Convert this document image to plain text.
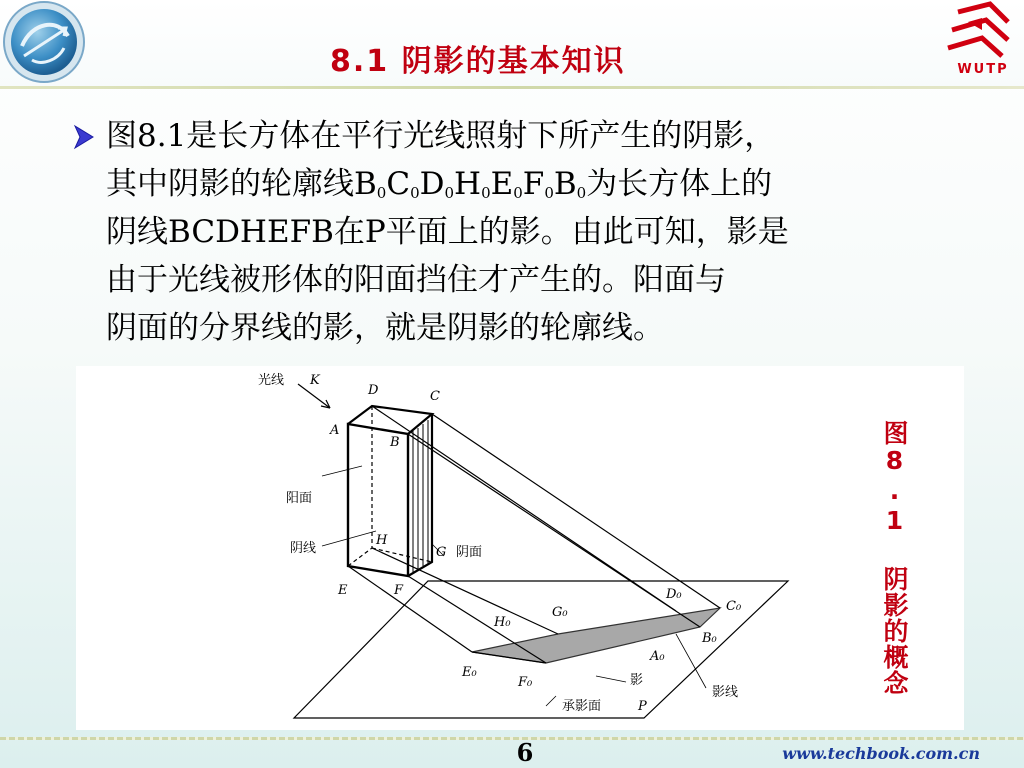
8.1 阴影的基本知识	WUTP
图8.1是长方体在平行光线照射下所产生的阴影，
其中阴影的轮廓线$B_0C_0D_0H_0E_0F_0B_0$为长方体上的
阴线BCDHEFB在P平面上的影。由此可知，影是
由于光线被形体的阳面挡住才产生的。阳面与
阴面的分界线的影，就是阴影的轮廓线。
光线 K
D	C
A
B
阳面
阴线
H
G 阴面
E	F
G₀
H₀
D₀
C₀
B₀
A₀
E₀
F₀	影
影线
承影面	P
图8.1 阴影的概念
6	www.techbook.com.cn
